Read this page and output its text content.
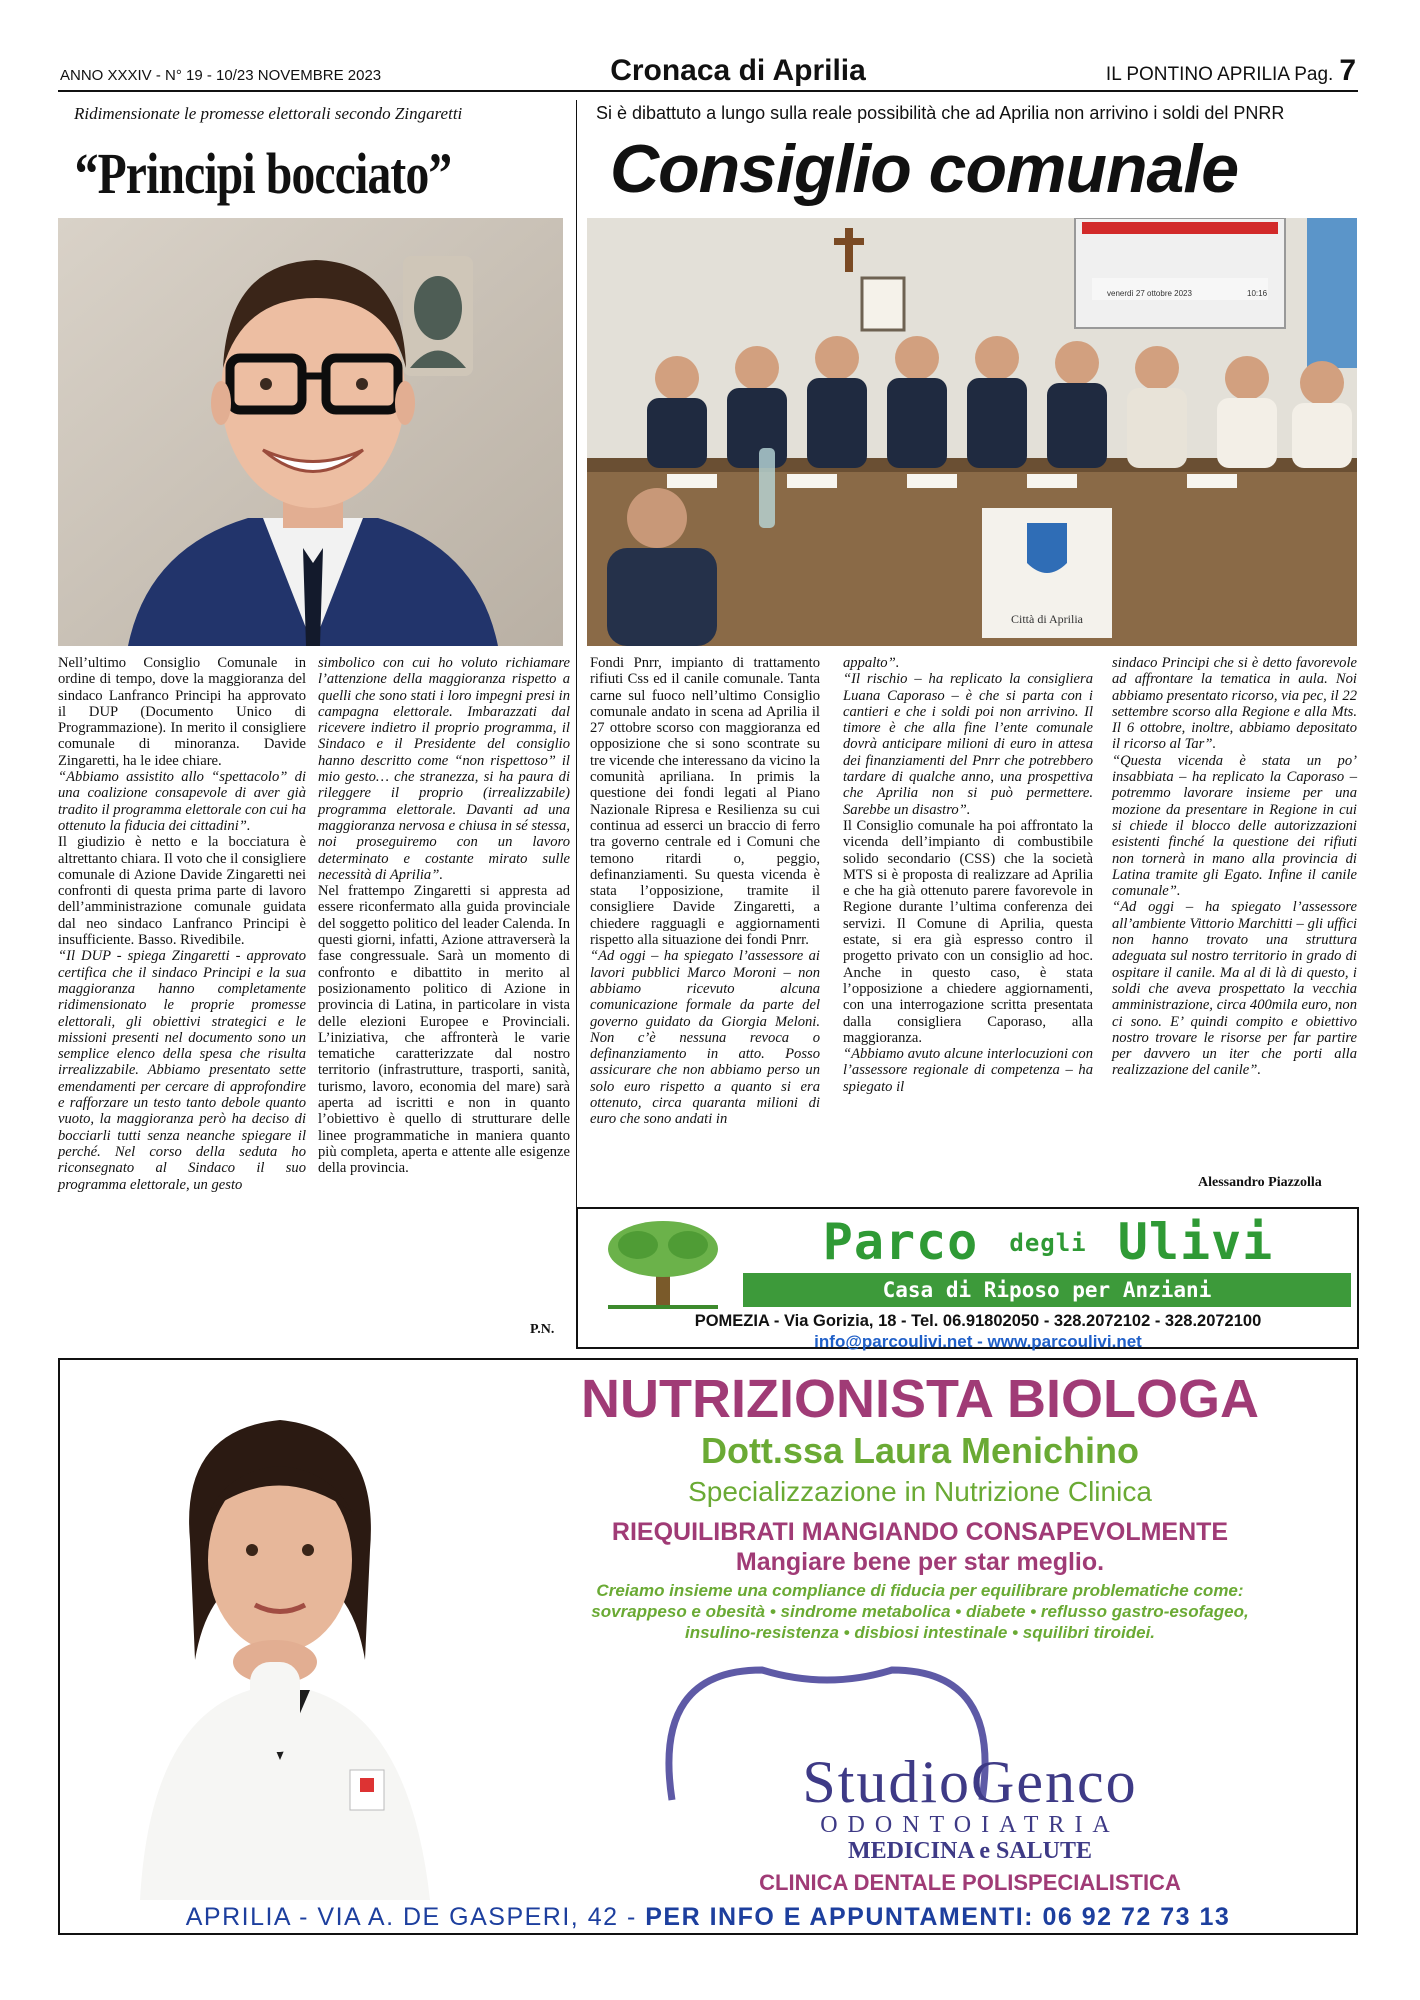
ANNO XXXIV - N° 19 - 10/23 NOVEMBRE 2023	Cronaca di Aprilia	IL PONTINO APRILIA Pag. 7
Ridimensionate le promesse elettorali secondo Zingaretti	Si è dibattuto a lungo sulla reale possibilità che ad Aprilia non arrivino i soldi del PNRR
“Principi bocciato” Consiglio comunale
venerdì 27 ottobre 2023	10:16
Città di Aprilia

Nell’ultimo Consiglio Comunale in ordine di tempo, dove la maggioranza del sindaco Lanfranco Principi ha approvato il DUP (Documento Unico di Programmazione). In merito il consigliere comunale di minoranza. Davide Zingaretti, ha le idee chiare.

“Abbiamo assistito allo “spettacolo” di una coalizione consapevole di aver già tradito il programma elettorale con cui ha ottenuto la fiducia dei cittadini”.

Il giudizio è netto e la bocciatura è altrettanto chiara. Il voto che il consigliere comunale di Azione Davide Zingaretti nei confronti di questa prima parte di lavoro dell’amministrazione comunale guidata dal neo sindaco Lanfranco Principi è insufficiente. Basso. Rivedibile.

“Il DUP - spiega Zingaretti - approvato certifica che il sindaco Principi e la sua maggioranza hanno completamente ridimensionato le proprie promesse elettorali, gli obiettivi strategici e le missioni presenti nel documento sono un semplice elenco della spesa che risulta irrealizzabile. Abbiamo presentato sette emendamenti per cercare di approfondire e rafforzare un testo tanto debole quanto vuoto, la maggioranza però ha deciso di bocciarli tutti senza neanche spiegare il perché. Nel corso della seduta ho riconsegnato al Sindaco il suo programma elettorale, un gesto

simbolico con cui ho voluto richiamare l’attenzione della maggioranza rispetto a quelli che sono stati i loro impegni presi in campagna elettorale. Imbarazzati dal ricevere indietro il proprio programma, il Sindaco e il Presidente del consiglio hanno descritto come “non rispettoso” il mio gesto… che stranezza, si ha paura di rileggere il proprio (irrealizzabile) programma elettorale. Davanti ad una maggioranza nervosa e chiusa in sé stessa, noi proseguiremo con un lavoro determinato e costante mirato sulle necessità di Aprilia”.

Nel frattempo Zingaretti si appresta ad essere riconfermato alla guida provinciale del soggetto politico del leader Calenda. In questi giorni, infatti, Azione attraverserà la fase congressuale. Sarà un momento di confronto e dibattito in merito al posizionamento politico di Azione in provincia di Latina, in particolare in vista delle elezioni Europee e Provinciali. L’iniziativa, che affronterà le varie tematiche caratterizzate dal nostro territorio (infrastrutture, trasporti, sanità, turismo, lavoro, economia del mare) sarà aperta ad iscritti e non in quanto l’obiettivo è quello di strutturare delle linee programmatiche in maniera quanto più completa, aperta e attente alle esigenze della provincia.

P.N.

Fondi Pnrr, impianto di trattamento rifiuti Css ed il canile comunale. Tanta carne sul fuoco nell’ultimo Consiglio comunale andato in scena ad Aprilia il 27 ottobre scorso con maggioranza ed opposizione che si sono scontrate su tre vicende che interessano da vicino la comunità apriliana. In primis la questione dei fondi legati al Piano Nazionale Ripresa e Resilienza su cui continua ad esserci un braccio di ferro tra governo centrale ed i Comuni che temono ritardi o, peggio, definanziamenti. Su questa vicenda è stata l’opposizione, tramite il consigliere Davide Zingaretti, a chiedere ragguagli e aggiornamenti rispetto alla situazione dei fondi Pnrr.

“Ad oggi – ha spiegato l’assessore ai lavori pubblici Marco Moroni – non abbiamo ricevuto alcuna comunicazione formale da parte del governo guidato da Giorgia Meloni. Non c’è nessuna revoca o definanziamento in atto. Posso assicurare che non abbiamo perso un solo euro rispetto a quanto si era ottenuto, circa quaranta milioni di euro che sono andati in

appalto”.

“Il rischio – ha replicato la consigliera Luana Caporaso – è che si parta con i cantieri e che i soldi poi non arrivino. Il timore è che alla fine l’ente comunale dovrà anticipare milioni di euro in attesa dei finanziamenti del Pnrr che potrebbero tardare di qualche anno, una prospettiva che Aprilia non si può permettere. Sarebbe un disastro”.

Il Consiglio comunale ha poi affrontato la vicenda dell’impianto di combustibile solido secondario (CSS) che la società MTS si è proposta di realizzare ad Aprilia e che ha già ottenuto parere favorevole in Regione durante l’ultima conferenza dei servizi. Il Comune di Aprilia, questa estate, si era già espresso contro il progetto privato con un consiglio ad hoc. Anche in questo caso, è stata l’opposizione a chiedere aggiornamenti, con una interrogazione scritta presentata dalla consigliera Caporaso, alla maggioranza.

“Abbiamo avuto alcune interlocuzioni con l’assessore regionale di competenza – ha spiegato il

sindaco Principi che si è detto favorevole ad affrontare la tematica in aula. Noi abbiamo presentato ricorso, via pec, il 22 settembre scorso alla Regione e alla Mts. Il 6 ottobre, inoltre, abbiamo depositato il ricorso al Tar”.

“Questa vicenda è stata un po’ insabbiata – ha replicato la Caporaso – potremmo lavorare insieme per una mozione da presentare in Regione in cui si chiede il blocco delle autorizzazioni esistenti finché la questione dei rifiuti non tornerà in mano alla provincia di Latina tramite gli Egato. Infine il canile comunale”.

“Ad oggi – ha spiegato l’assessore all’ambiente Vittorio Marchitti – gli uffici non hanno trovato una struttura adeguata sul nostro territorio in grado di ospitare il canile. Ma al di là di questo, i soldi che aveva prospettato la vecchia amministrazione, circa 400mila euro, non ci sono. E’ quindi compito e obiettivo nostro trovare le risorse per far partire per davvero un iter che porti alla realizzazione del canile”.

Alessandro Piazzolla
Parco degli Ulivi
Casa di Riposo per Anziani
POMEZIA - Via Gorizia, 18 - Tel. 06.91802050 - 328.2072102 - 328.2072100
info@parcoulivi.net - www.parcoulivi.net
NUTRIZIONISTA BIOLOGA
Dott.ssa Laura Menichino
Specializzazione in Nutrizione Clinica
RIEQUILIBRATI MANGIANDO CONSAPEVOLMENTE
Mangiare bene per star meglio.
Creiamo insieme una compliance di fiducia per equilibrare problematiche come:
sovrappeso e obesità • sindrome metabolica • diabete • reflusso gastro-esofageo,
insulino-resistenza • disbiosi intestinale • squilibri tiroidei.
StudioGenco
ODONTOIATRIA
MEDICINA e SALUTE
CLINICA DENTALE POLISPECIALISTICA
APRILIA - VIA A. DE GASPERI, 42 - PER INFO E APPUNTAMENTI: 06 92 72 73 13
